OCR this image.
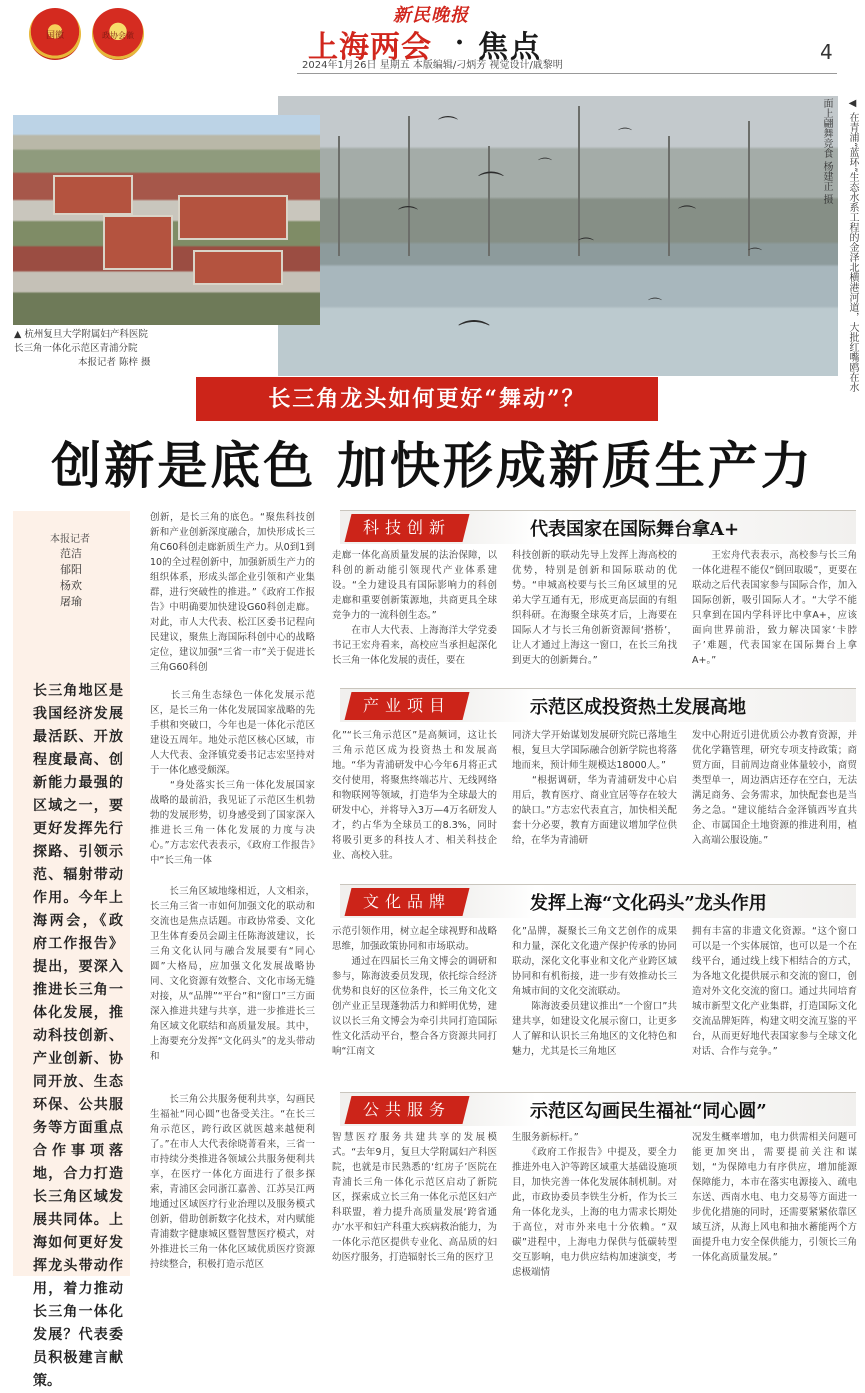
国徽	政协会徽
新民晚报
上海两会 · 焦点	4
2024年1月26日 星期五 本版编辑/刁炳芳 视觉设计/戚黎明
⌒
⌒
⌒
⌒
⌒
⌒
⌒
⌒
⌒
⌒	◀ 在青浦“蓝环”生态水系工程的金泽北横港河道，大批红嘴鸥在水
面上翩舞竞食 杨建正 摄
▲ 杭州复旦大学附属妇产科医院
长三角一体化示范区青浦分院
本报记者 陈梓 摄
长三角龙头如何更好“舞动”？
创新是底色 加快形成新质生产力
本报记者
范洁
郁阳
杨欢
屠瑜
长三角地区是我国经济发展最活跃、开放程度最高、创新能力最强的区域之一，要更好发挥先行探路、引领示范、辐射带动作用。今年上海两会，《政府工作报告》提出，要深入推进长三角一体化发展，推动科技创新、产业创新、协同开放、生态环保、公共服务等方面重点合作事项落地，合力打造长三角区域发展共同体。上海如何更好发挥龙头带动作用，着力推动长三角一体化发展？代表委员积极建言献策。
科技创新	代表国家在国际舞台拿A+
创新，是长三角的底色。“聚焦科技创新和产业创新深度融合，加快形成长三角C60科创走廊新质生产力。从0到1到10的全过程创新中，加强新质生产力的组织体系，形成头部企业引领和产业集群，进行突破性的推进。”《政府工作报告》中明确要加快建设G60科创走廊。对此，市人大代表、松江区委书记程向民建议，聚焦上海国际科创中心的战略定位，建议加强“三省一市”关于促进长三角G60科创
走廊一体化高质量发展的法治保障，以科创的新动能引领现代产业体系建设。“全力建设具有国际影响力的科创走廊和重要创新策源地，共商更具全球竞争力的一流科创生态。”
　　在市人大代表、上海海洋大学党委书记王宏舟看来，高校应当承担起深化长三角一体化发展的责任，要在
科技创新的联动先导上发挥上海高校的优势，特别是创新和国际联动的优势。“申城高校要与长三角区域里的兄弟大学互通有无，形成更高层面的有组织科研。在海聚全球英才后，上海要在国际人才与长三角创新资源间‘搭桥’，让人才通过上海这一窗口，在长三角找到更大的创新舞台。”
　　王宏舟代表表示，高校参与长三角一体化进程不能仅“倒回取暖”，更要在联动之后代表国家参与国际合作，加入国际创新，吸引国际人才。“大学不能只拿到在国内学科评比中拿A+，应该面向世界前沿，致力解决国家‘卡脖子’难题，代表国家在国际舞台上拿A+。”
产业项目	示范区成投资热土发展高地
　　长三角生态绿色一体化发展示范区，是长三角一体化发展国家战略的先手棋和突破口，今年也是一体化示范区建设五周年。地处示范区核心区域，市人大代表、金泽镇党委书记志宏坚持对于一体化感受颇深。
　　“身处落实长三角一体化发展国家战略的最前沿，我见证了示范区生机勃勃的发展形势，切身感受到了国家深入推进长三角一体化发展的力度与决心。”方志宏代表表示，《政府工作报告》中“长三角一体
化”“长三角示范区”是高频词，这让长三角示范区成为投资热土和发展高地。“华为青浦研发中心今年6月将正式交付使用，将聚焦终端芯片、无线网络和物联网等领域，打造华为全球最大的研发中心，并将导入3万—4万名研发人才，约占华为全球员工的8.3%，同时将吸引更多的科技人才、相关科技企业、高校入驻。
同济大学开始谋划发展研究院已落地生根，复旦大学国际融合创新学院也将落地而来，预计师生规模达18000人。”
　　“根据调研，华为青浦研发中心启用后，教育医疗、商业宜居等存在较大的缺口。”方志宏代表直言，加快相关配套十分必要，教育方面建议增加学位供给，在华为青浦研
发中心附近引进优质公办教育资源，并优化学籍管理，研究专项支持政策；商贸方面，目前周边商业体量较小，商贸类型单一，周边酒店还存在空白，无法满足商务、会务需求，加快配套也是当务之急。“建议能结合金泽镇西岑直共企、市属国企土地资源的推进利用，植入高端公服设施。”
文化品牌	发挥上海“文化码头”龙头作用
　　长三角区域地缘相近，人文相亲，长三角三省一市如何加强文化的联动和交流也是焦点话题。市政协常委、文化卫生体育委员会副主任陈海波建议，长三角文化认同与融合发展要有“同心圆”大格局，应加强文化发展战略协同、文化资源有效整合、文化市场无缝对接，从“品牌”“平台”和“窗口”三方面深入推进共建与共享，进一步推进长三角区域文化联结和高质量发展。其中，上海要充分发挥“文化码头”的龙头带动和
示范引领作用，树立起全球视野和战略思维，加强政策协同和市场联动。
　　通过在四届长三角文博会的调研和参与，陈海波委员发现，依托综合经济优势和良好的区位条件，长三角文化文创产业正呈现蓬勃活力和鲜明优势，建议以长三角文博会为牵引共同打造国际性文化活动平台，整合各方资源共同打响“江南文
化”品牌，凝聚长三角文艺创作的成果和力量，深化文化遗产保护传承的协同联动，深化文化事业和文化产业跨区域协同和有机衔接，进一步有效推动长三角城市间的文化交流联动。
　　陈海波委员建议推出“一个窗口”共建共享，如建设文化展示窗口，让更多人了解和认识长三角地区的文化特色和魅力，尤其是长三角地区
拥有丰富的非遗文化资源。“这个窗口可以是一个实体展馆，也可以是一个在线平台，通过线上线下相结合的方式，为各地文化提供展示和交流的窗口，创造对外文化交流的窗口。通过共同培育城市新型文化产业集群，打造国际文化交流品牌矩阵，构建文明交流互鉴的平台，从而更好地代表国家参与全球文化对话、合作与竞争。”
公共服务	示范区勾画民生福祉“同心圆”
　　长三角公共服务便利共享，勾画民生福祉“同心圆”也备受关注。“在长三角示范区，跨行政区就医越来越便利了。”在市人大代表徐晓菁看来，三省一市持续分类推进各领域公共服务便利共享，在医疗一体化方面进行了很多探索，青浦区会同浙江嘉善、江苏吴江两地通过区域医疗行业治理以及服务模式创新，借助创新数字化技术，对内赋能青浦数字健康城区暨智慧医疗模式，对外推进长三角一体化区域优质医疗资源持续整合，积极打造示范区
智慧医疗服务共建共享的发展模式。“去年9月，复旦大学附属妇产科医院，也就是市民熟悉的‘红房子’医院在青浦长三角一体化示范区启动了新院区，探索成立长三角一体化示范区妇产科联盟，着力提升高质量发展‘跨省通办’水平和妇产科重大疾病救治能力，为一体化示范区提供专业化、高品质的妇幼医疗服务，打造辐射长三角的医疗卫
生服务新标杆。”
　　《政府工作报告》中提及，要全力推进外电入沪等跨区域重大基础设施项目，加快完善一体化发展体制机制。对此，市政协委员李铁生分析，作为长三角一体化龙头，上海的电力需求长期处于高位，对市外来电十分依赖。“双碳”进程中，上海电力保供与低碳转型交互影响，电力供应结构加速演变，考虑极端情
况发生概率增加，电力供需相关问题可能更加突出，需要提前关注和谋划，“为保障电力有序供应，增加能源保障能力，本市在落实电源接入、疏电东送、西南水电、电力交易等方面进一步优化措施的同时，还需要紧紧依靠区域互济，从海上风电和抽水蓄能两个方面提升电力安全保供能力，引领长三角一体化高质量发展。”
